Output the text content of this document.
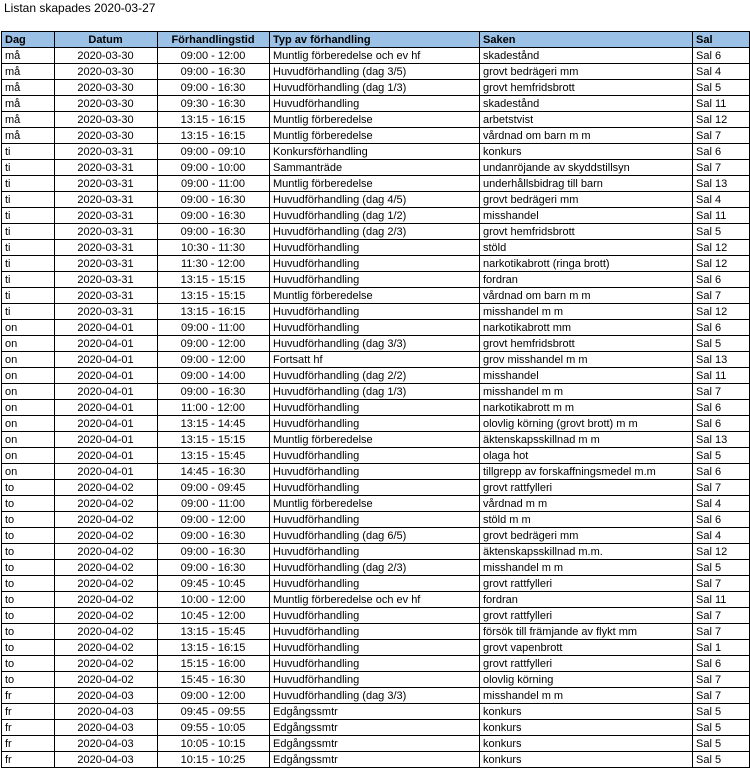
Listan skapades 2020-03-27
Dag	Datum	Förhandlingstid	Typ av förhandling	Saken	Sal
må	2020-03-30	09:00 - 12:00	Muntlig förberedelse och ev hf	skadestånd	Sal 6
må	2020-03-30	09:00 - 16:30	Huvudförhandling (dag 3/5)	grovt bedrägeri mm	Sal 4
må	2020-03-30	09:00 - 16:30	Huvudförhandling (dag 1/3)	grovt hemfridsbrott	Sal 5
må	2020-03-30	09:30 - 16:30	Huvudförhandling	skadestånd	Sal 11
må	2020-03-30	13:15 - 16:15	Muntlig förberedelse	arbetstvist	Sal 12
må	2020-03-30	13:15 - 16:15	Muntlig förberedelse	vårdnad om barn m m	Sal 7
ti	2020-03-31	09:00 - 09:10	Konkursförhandling	konkurs	Sal 6
ti	2020-03-31	09:00 - 10:00	Sammanträde	undanröjande av skyddstillsyn	Sal 7
ti	2020-03-31	09:00 - 11:00	Muntlig förberedelse	underhållsbidrag till barn	Sal 13
ti	2020-03-31	09:00 - 16:30	Huvudförhandling (dag 4/5)	grovt bedrägeri mm	Sal 4
ti	2020-03-31	09:00 - 16:30	Huvudförhandling (dag 1/2)	misshandel	Sal 11
ti	2020-03-31	09:00 - 16:30	Huvudförhandling (dag 2/3)	grovt hemfridsbrott	Sal 5
ti	2020-03-31	10:30 - 11:30	Huvudförhandling	stöld	Sal 12
ti	2020-03-31	11:30 - 12:00	Huvudförhandling	narkotikabrott (ringa brott)	Sal 12
ti	2020-03-31	13:15 - 15:15	Huvudförhandling	fordran	Sal 6
ti	2020-03-31	13:15 - 15:15	Muntlig förberedelse	vårdnad om barn m m	Sal 7
ti	2020-03-31	13:15 - 16:15	Huvudförhandling	misshandel m m	Sal 12
on	2020-04-01	09:00 - 11:00	Huvudförhandling	narkotikabrott mm	Sal 6
on	2020-04-01	09:00 - 12:00	Huvudförhandling (dag 3/3)	grovt hemfridsbrott	Sal 5
on	2020-04-01	09:00 - 12:00	Fortsatt hf	grov misshandel m m	Sal 13
on	2020-04-01	09:00 - 14:00	Huvudförhandling (dag 2/2)	misshandel	Sal 11
on	2020-04-01	09:00 - 16:30	Huvudförhandling (dag 1/3)	misshandel m m	Sal 7
on	2020-04-01	11:00 - 12:00	Huvudförhandling	narkotikabrott m m	Sal 6
on	2020-04-01	13:15 - 14:45	Huvudförhandling	olovlig körning (grovt brott) m m	Sal 6
on	2020-04-01	13:15 - 15:15	Muntlig förberedelse	äktenskapsskillnad m m	Sal 13
on	2020-04-01	13:15 - 15:45	Huvudförhandling	olaga hot	Sal 5
on	2020-04-01	14:45 - 16:30	Huvudförhandling	tillgrepp av forskaffningsmedel m.m	Sal 6
to	2020-04-02	09:00 - 09:45	Huvudförhandling	grovt rattfylleri	Sal 7
to	2020-04-02	09:00 - 11:00	Muntlig förberedelse	vårdnad m m	Sal 4
to	2020-04-02	09:00 - 12:00	Huvudförhandling	stöld m m	Sal 6
to	2020-04-02	09:00 - 16:30	Huvudförhandling (dag 6/5)	grovt bedrägeri mm	Sal 4
to	2020-04-02	09:00 - 16:30	Huvudförhandling	äktenskapsskillnad m.m.	Sal 12
to	2020-04-02	09:00 - 16:30	Huvudförhandling (dag 2/3)	misshandel m m	Sal 5
to	2020-04-02	09:45 - 10:45	Huvudförhandling	grovt rattfylleri	Sal 7
to	2020-04-02	10:00 - 12:00	Muntlig förberedelse och ev hf	fordran	Sal 11
to	2020-04-02	10:45 - 12:00	Huvudförhandling	grovt rattfylleri	Sal 7
to	2020-04-02	13:15 - 15:45	Huvudförhandling	försök till främjande av flykt mm	Sal 7
to	2020-04-02	13:15 - 16:15	Huvudförhandling	grovt vapenbrott	Sal 1
to	2020-04-02	15:15 - 16:00	Huvudförhandling	grovt rattfylleri	Sal 6
to	2020-04-02	15:45 - 16:30	Huvudförhandling	olovlig körning	Sal 7
fr	2020-04-03	09:00 - 12:00	Huvudförhandling (dag 3/3)	misshandel m m	Sal 7
fr	2020-04-03	09:45 - 09:55	Edgångssmtr	konkurs	Sal 5
fr	2020-04-03	09:55 - 10:05	Edgångssmtr	konkurs	Sal 5
fr	2020-04-03	10:05 - 10:15	Edgångssmtr	konkurs	Sal 5
fr	2020-04-03	10:15 - 10:25	Edgångssmtr	konkurs	Sal 5
